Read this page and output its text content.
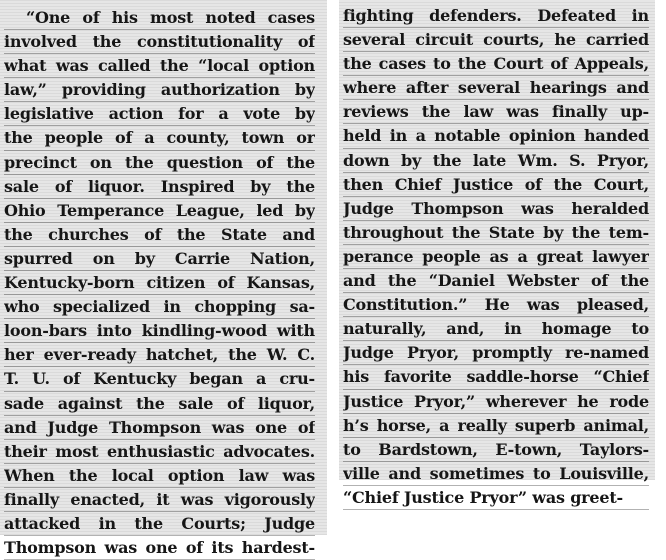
“One of his most noted cases
involved the constitutionality of
what was called the “local option
law,” providing authorization by
legislative action for a vote by
the people of a county, town or
precinct on the question of the
sale of liquor. Inspired by the
Ohio Temperance League, led by
the churches of the State and
spurred on by Carrie Nation,
Kentucky-born citizen of Kansas,
who specialized in chopping sa-
loon-bars into kindling-wood with
her ever-ready hatchet, the W. C.
T. U. of Kentucky began a cru-
sade against the sale of liquor,
and Judge Thompson was one of
their most enthusiastic advocates.
When the local option law was
finally enacted, it was vigorously
attacked in the Courts; Judge
Thompson was one of its hardest-
fighting defenders. Defeated in
several circuit courts, he carried
the cases to the Court of Appeals,
where after several hearings and
reviews the law was finally up-
held in a notable opinion handed
down by the late Wm. S. Pryor,
then Chief Justice of the Court,
Judge Thompson was heralded
throughout the State by the tem-
perance people as a great lawyer
and the “Daniel Webster of the
Constitution.” He was pleased,
naturally, and, in homage to
Judge Pryor, promptly re-named
his favorite saddle-horse “Chief
Justice Pryor,” wherever he rode
h’s horse, a really superb animal,
to Bardstown, E-town, Taylors-
ville and sometimes to Louisville,
“Chief Justice Pryor” was greet-
